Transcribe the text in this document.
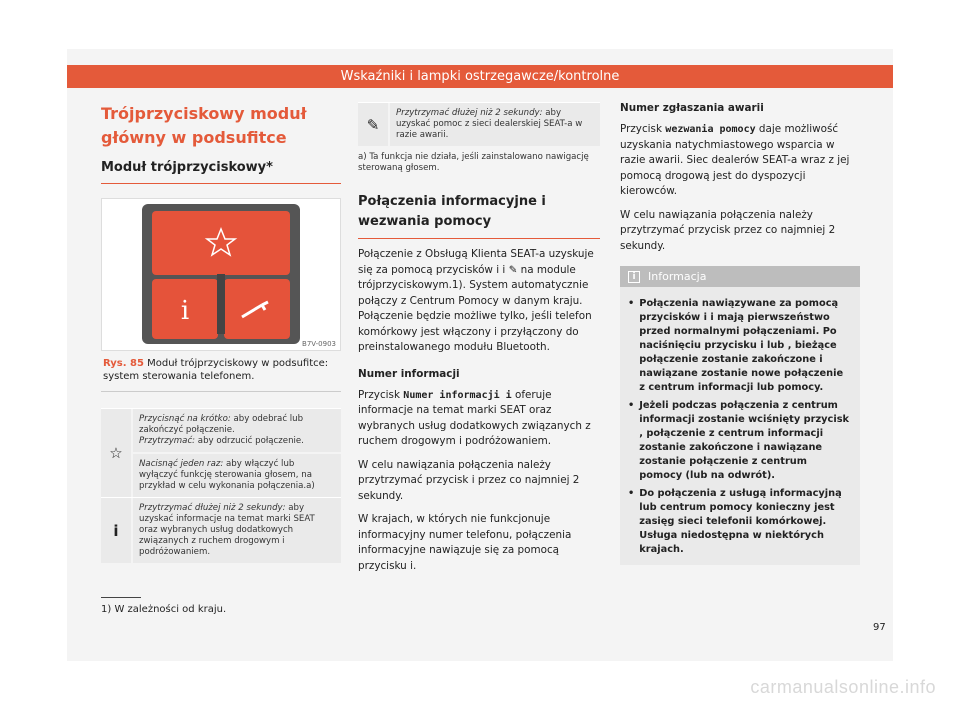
Wskaźniki i lampki ostrzegawcze/kontrolne
Trójprzyciskowy moduł główny w podsufitce
Moduł trójprzyciskowy*
i
B7V-0903
Rys. 85 Moduł trójprzyciskowy w podsufitce: system sterowania telefonem.
☆
Przycisnąć na krótko: aby odebrać lub zakończyć połączenie.
Przytrzymać: aby odrzucić połączenie.
Nacisnąć jeden raz: aby włączyć lub wyłączyć funkcję sterowania głosem, na przykład w celu wykonania połączenia.a)
i
Przytrzymać dłużej niż 2 sekundy: aby uzyskać informacje na temat marki SEAT oraz wybranych usług dodatkowych związanych z ruchem drogowym i podróżowaniem.
✎
Przytrzymać dłużej niż 2 sekundy: aby uzyskać pomoc z sieci dealerskiej SEAT-a w razie awarii.
a) Ta funkcja nie działa, jeśli zainstalowano nawigację sterowaną głosem.
Połączenia informacyjne i wezwania pomocy
Połączenie z Obsługą Klienta SEAT-a uzyskuje się za pomocą przycisków i i ✎ na module trójprzyciskowym.1). System automatycznie połączy z Centrum Pomocy w danym kraju. Połączenie będzie możliwe tylko, jeśli telefon komórkowy jest włączony i przyłączony do preinstalowanego modułu Bluetooth.
Numer informacji
Przycisk Numer informacji i oferuje informacje na temat marki SEAT oraz wybranych usług dodatkowych związanych z ruchem drogowym i podróżowaniem.
W celu nawiązania połączenia należy przytrzymać przycisk i przez co najmniej 2 sekundy.
W krajach, w których nie funkcjonuje informacyjny numer telefonu, połączenia informacyjne nawiązuje się za pomocą przycisku i.
Numer zgłaszania awarii
Przycisk wezwania pomocy daje możliwość uzyskania natychmiastowego wsparcia w razie awarii. Siec dealerów SEAT-a wraz z jej pomocą drogową jest do dyspozycji kierowców.
W celu nawiązania połączenia należy przytrzymać przycisk przez co najmniej 2 sekundy.
i	Informacja
• Połączenia nawiązywane za pomocą przycisków i i mają pierwszeństwo przed normalnymi połączeniami. Po naciśnięciu przycisku i lub , bieżące połączenie zostanie zakończone i nawiązane zostanie nowe połączenie z centrum informacji lub pomocy.
• Jeżeli podczas połączenia z centrum informacji zostanie wciśnięty przycisk , połączenie z centrum informacji zostanie zakończone i nawiązane zostanie połączenie z centrum pomocy (lub na odwrót).
• Do połączenia z usługą informacyjną lub centrum pomocy konieczny jest zasięg sieci telefonii komórkowej. Usługa niedostępna w niektórych krajach.
1) W zależności od kraju.
97
carmanualsonline.info
